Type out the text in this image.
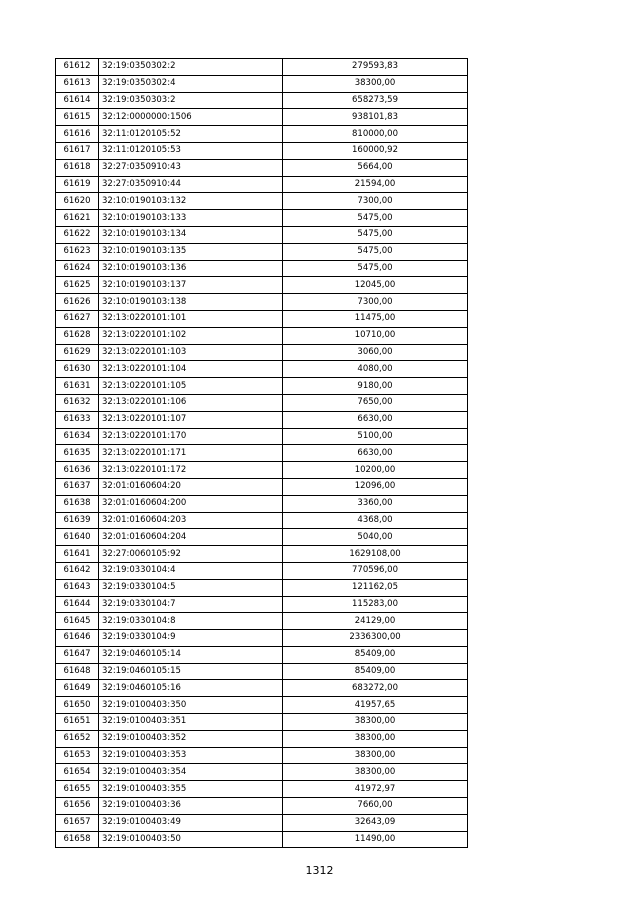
61612	32:19:0350302:2	279593,83
61613	32:19:0350302:4	38300,00
61614	32:19:0350303:2	658273,59
61615	32:12:0000000:1506	938101,83
61616	32:11:0120105:52	810000,00
61617	32:11:0120105:53	160000,92
61618	32:27:0350910:43	5664,00
61619	32:27:0350910:44	21594,00
61620	32:10:0190103:132	7300,00
61621	32:10:0190103:133	5475,00
61622	32:10:0190103:134	5475,00
61623	32:10:0190103:135	5475,00
61624	32:10:0190103:136	5475,00
61625	32:10:0190103:137	12045,00
61626	32:10:0190103:138	7300,00
61627	32:13:0220101:101	11475,00
61628	32:13:0220101:102	10710,00
61629	32:13:0220101:103	3060,00
61630	32:13:0220101:104	4080,00
61631	32:13:0220101:105	9180,00
61632	32:13:0220101:106	7650,00
61633	32:13:0220101:107	6630,00
61634	32:13:0220101:170	5100,00
61635	32:13:0220101:171	6630,00
61636	32:13:0220101:172	10200,00
61637	32:01:0160604:20	12096,00
61638	32:01:0160604:200	3360,00
61639	32:01:0160604:203	4368,00
61640	32:01:0160604:204	5040,00
61641	32:27:0060105:92	1629108,00
61642	32:19:0330104:4	770596,00
61643	32:19:0330104:5	121162,05
61644	32:19:0330104:7	115283,00
61645	32:19:0330104:8	24129,00
61646	32:19:0330104:9	2336300,00
61647	32:19:0460105:14	85409,00
61648	32:19:0460105:15	85409,00
61649	32:19:0460105:16	683272,00
61650	32:19:0100403:350	41957,65
61651	32:19:0100403:351	38300,00
61652	32:19:0100403:352	38300,00
61653	32:19:0100403:353	38300,00
61654	32:19:0100403:354	38300,00
61655	32:19:0100403:355	41972,97
61656	32:19:0100403:36	7660,00
61657	32:19:0100403:49	32643,09
61658	32:19:0100403:50	11490,00
1312
